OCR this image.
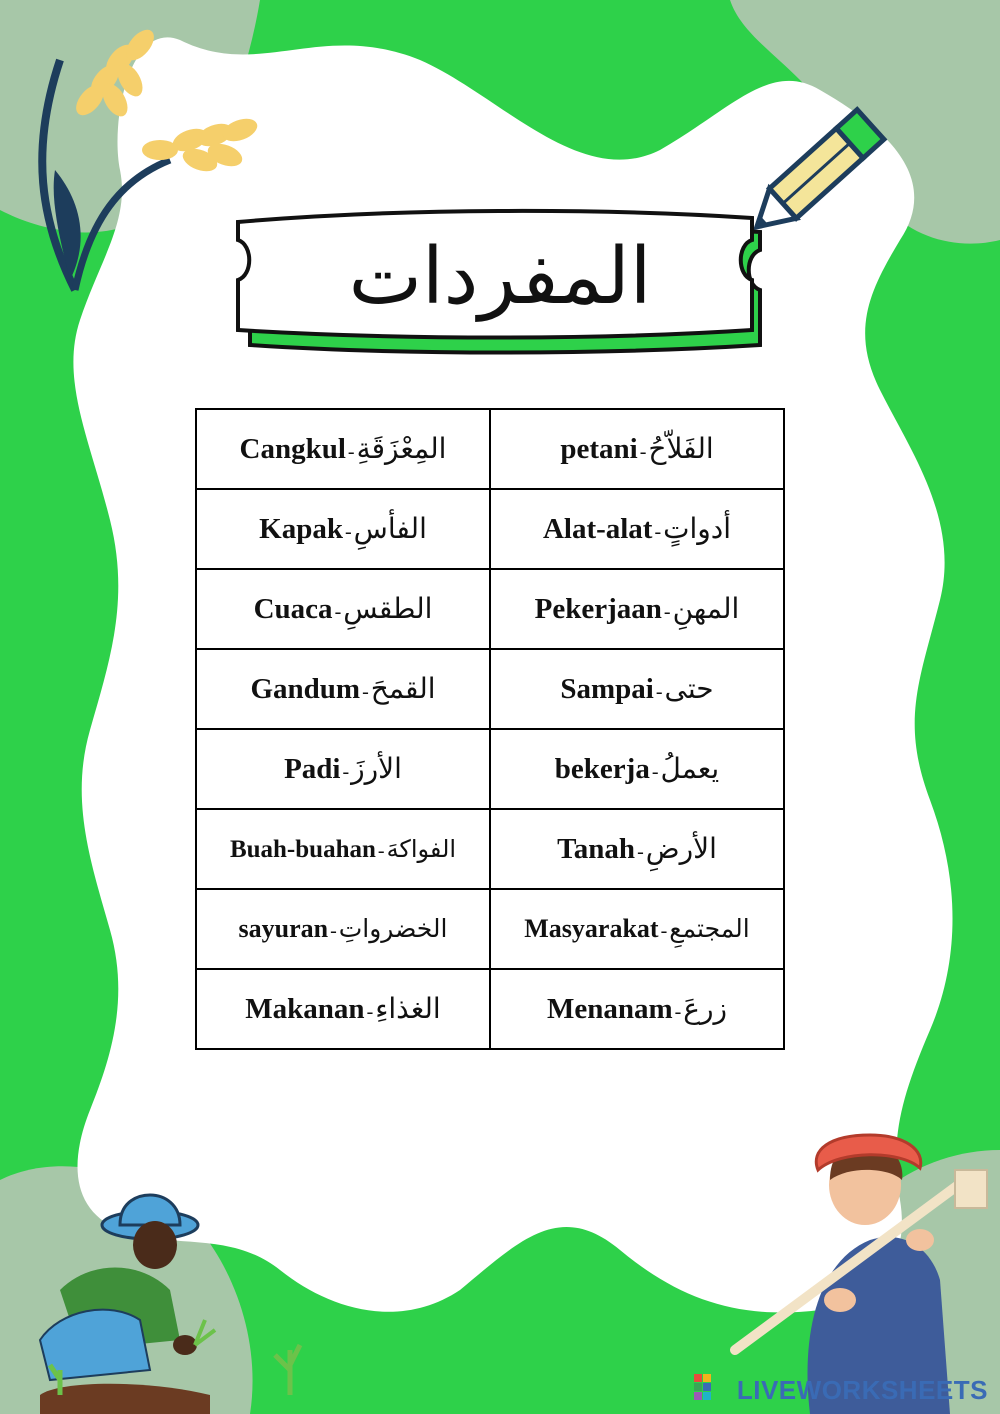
المفردات
Cangkul - المِعْزَقَةِ	petani - الفَلاّحُ

Kapak - الفأسِ	Alat-alat - أدواتٍ

Cuaca - الطقسِ	Pekerjaan - المهنِ

Gandum - القمحَ	Sampai - حتى

Padi - الأرزَ	bekerja - يعملُ

Buah-buahan - الفواكهَ	Tanah - الأرضِ

sayuran - الخضرواتِ	Masyarakat - المجتمعِ

Makanan - الغذاءِ	Menanam - زرعَ
LIVEWORKSHEETS
